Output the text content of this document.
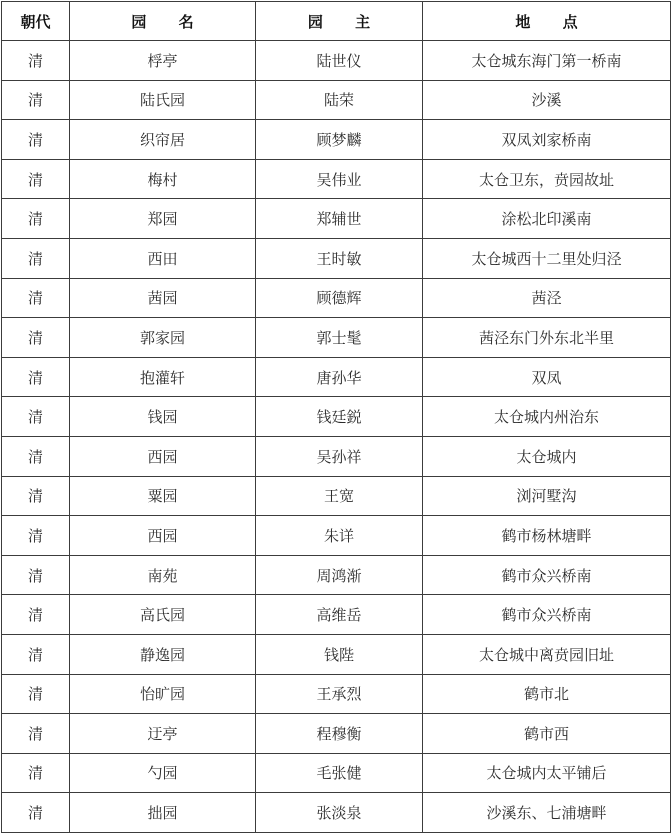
朝代	园 名	园 主	地 点
清	桴亭	陆世仪	太仓城东海门第一桥南
清	陆氏园	陆荣	沙溪
清	织帘居	顾梦麟	双凤刘家桥南
清	梅村	吴伟业	太仓卫东，贲园故址
清	郑园	郑辅世	涂松北印溪南
清	西田	王时敏	太仓城西十二里处归泾
清	茜园	顾德辉	茜泾
清	郭家园	郭士髦	茜泾东门外东北半里
清	抱灌轩	唐孙华	双凤
清	钱园	钱廷鋭	太仓城内州治东
清	西园	吴孙祥	太仓城内
清	粟园	王宽	浏河墅沟
清	西园	朱详	鹤市杨林塘畔
清	南苑	周鸿渐	鹤市众兴桥南
清	高氏园	高维岳	鹤市众兴桥南
清	静逸园	钱陛	太仓城中离贲园旧址
清	怡旷园	王承烈	鹤市北
清	迂亭	程穆衡	鹤市西
清	勺园	毛张健	太仓城内太平铺后
清	拙园	张淡泉	沙溪东、七浦塘畔
